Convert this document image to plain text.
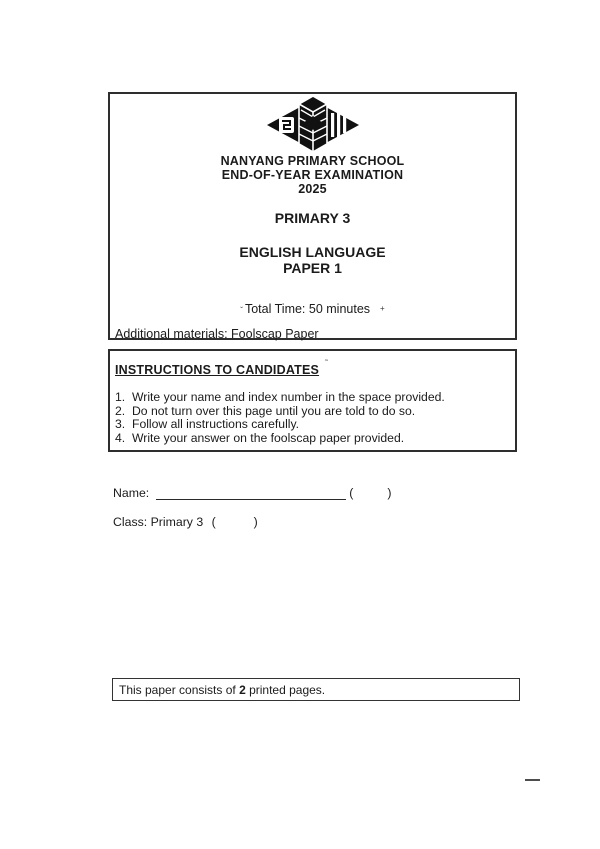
NANYANG PRIMARY SCHOOL
END-OF-YEAR EXAMINATION
2025
PRIMARY 3
ENGLISH LANGUAGE
PAPER 1
ˇ Total Time: 50 minutes +
Additional materials: Foolscap Paper
INSTRUCTIONS TO CANDIDATES ˜
1. Write your name and index number in the space provided.
2. Do not turn over this page until you are told to do so.
3. Follow all instructions carefully.
4. Write your answer on the foolscap paper provided.
Name:	(	)
Class: Primary 3 (	)
This paper consists of 2 printed pages.
